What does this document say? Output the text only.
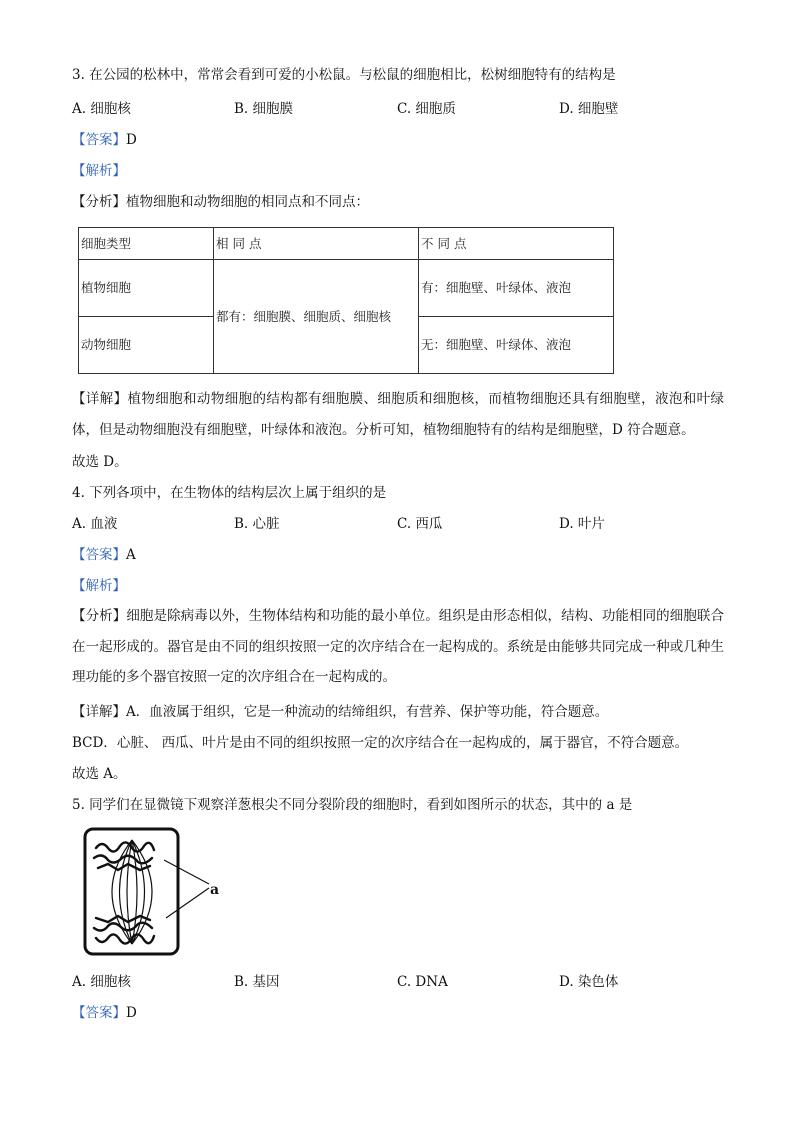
3. 在公园的松林中，常常会看到可爱的小松鼠。与松鼠的细胞相比，松树细胞特有的结构是
A. 细胞核	B. 细胞膜	C. 细胞质	D. 细胞壁
【答案】D
【解析】
【分析】植物细胞和动物细胞的相同点和不同点：
细胞类型	相 同 点	不 同 点
植物细胞	都有：细胞膜、细胞质、细胞核	有：细胞壁、叶绿体、液泡
动物细胞		无：细胞壁、叶绿体、液泡
【详解】植物细胞和动物细胞的结构都有细胞膜、细胞质和细胞核，而植物细胞还具有细胞壁，液泡和叶绿体，但是动物细胞没有细胞壁，叶绿体和液泡。分析可知，植物细胞特有的结构是细胞壁，D 符合题意。
故选 D。
4. 下列各项中，在生物体的结构层次上属于组织的是
A. 血液	B. 心脏	C. 西瓜	D. 叶片
【答案】A
【解析】
【分析】细胞是除病毒以外，生物体结构和功能的最小单位。组织是由形态相似，结构、功能相同的细胞联合在一起形成的。器官是由不同的组织按照一定的次序结合在一起构成的。系统是由能够共同完成一种或几种生理功能的多个器官按照一定的次序组合在一起构成的。
【详解】A．血液属于组织，它是一种流动的结缔组织，有营养、保护等功能，符合题意。
BCD．心脏、 西瓜、叶片是由不同的组织按照一定的次序结合在一起构成的，属于器官，不符合题意。
故选 A。
5. 同学们在显微镜下观察洋葱根尖不同分裂阶段的细胞时，看到如图所示的状态，其中的 a 是
a
A. 细胞核	B. 基因	C. DNA	D. 染色体
【答案】D
